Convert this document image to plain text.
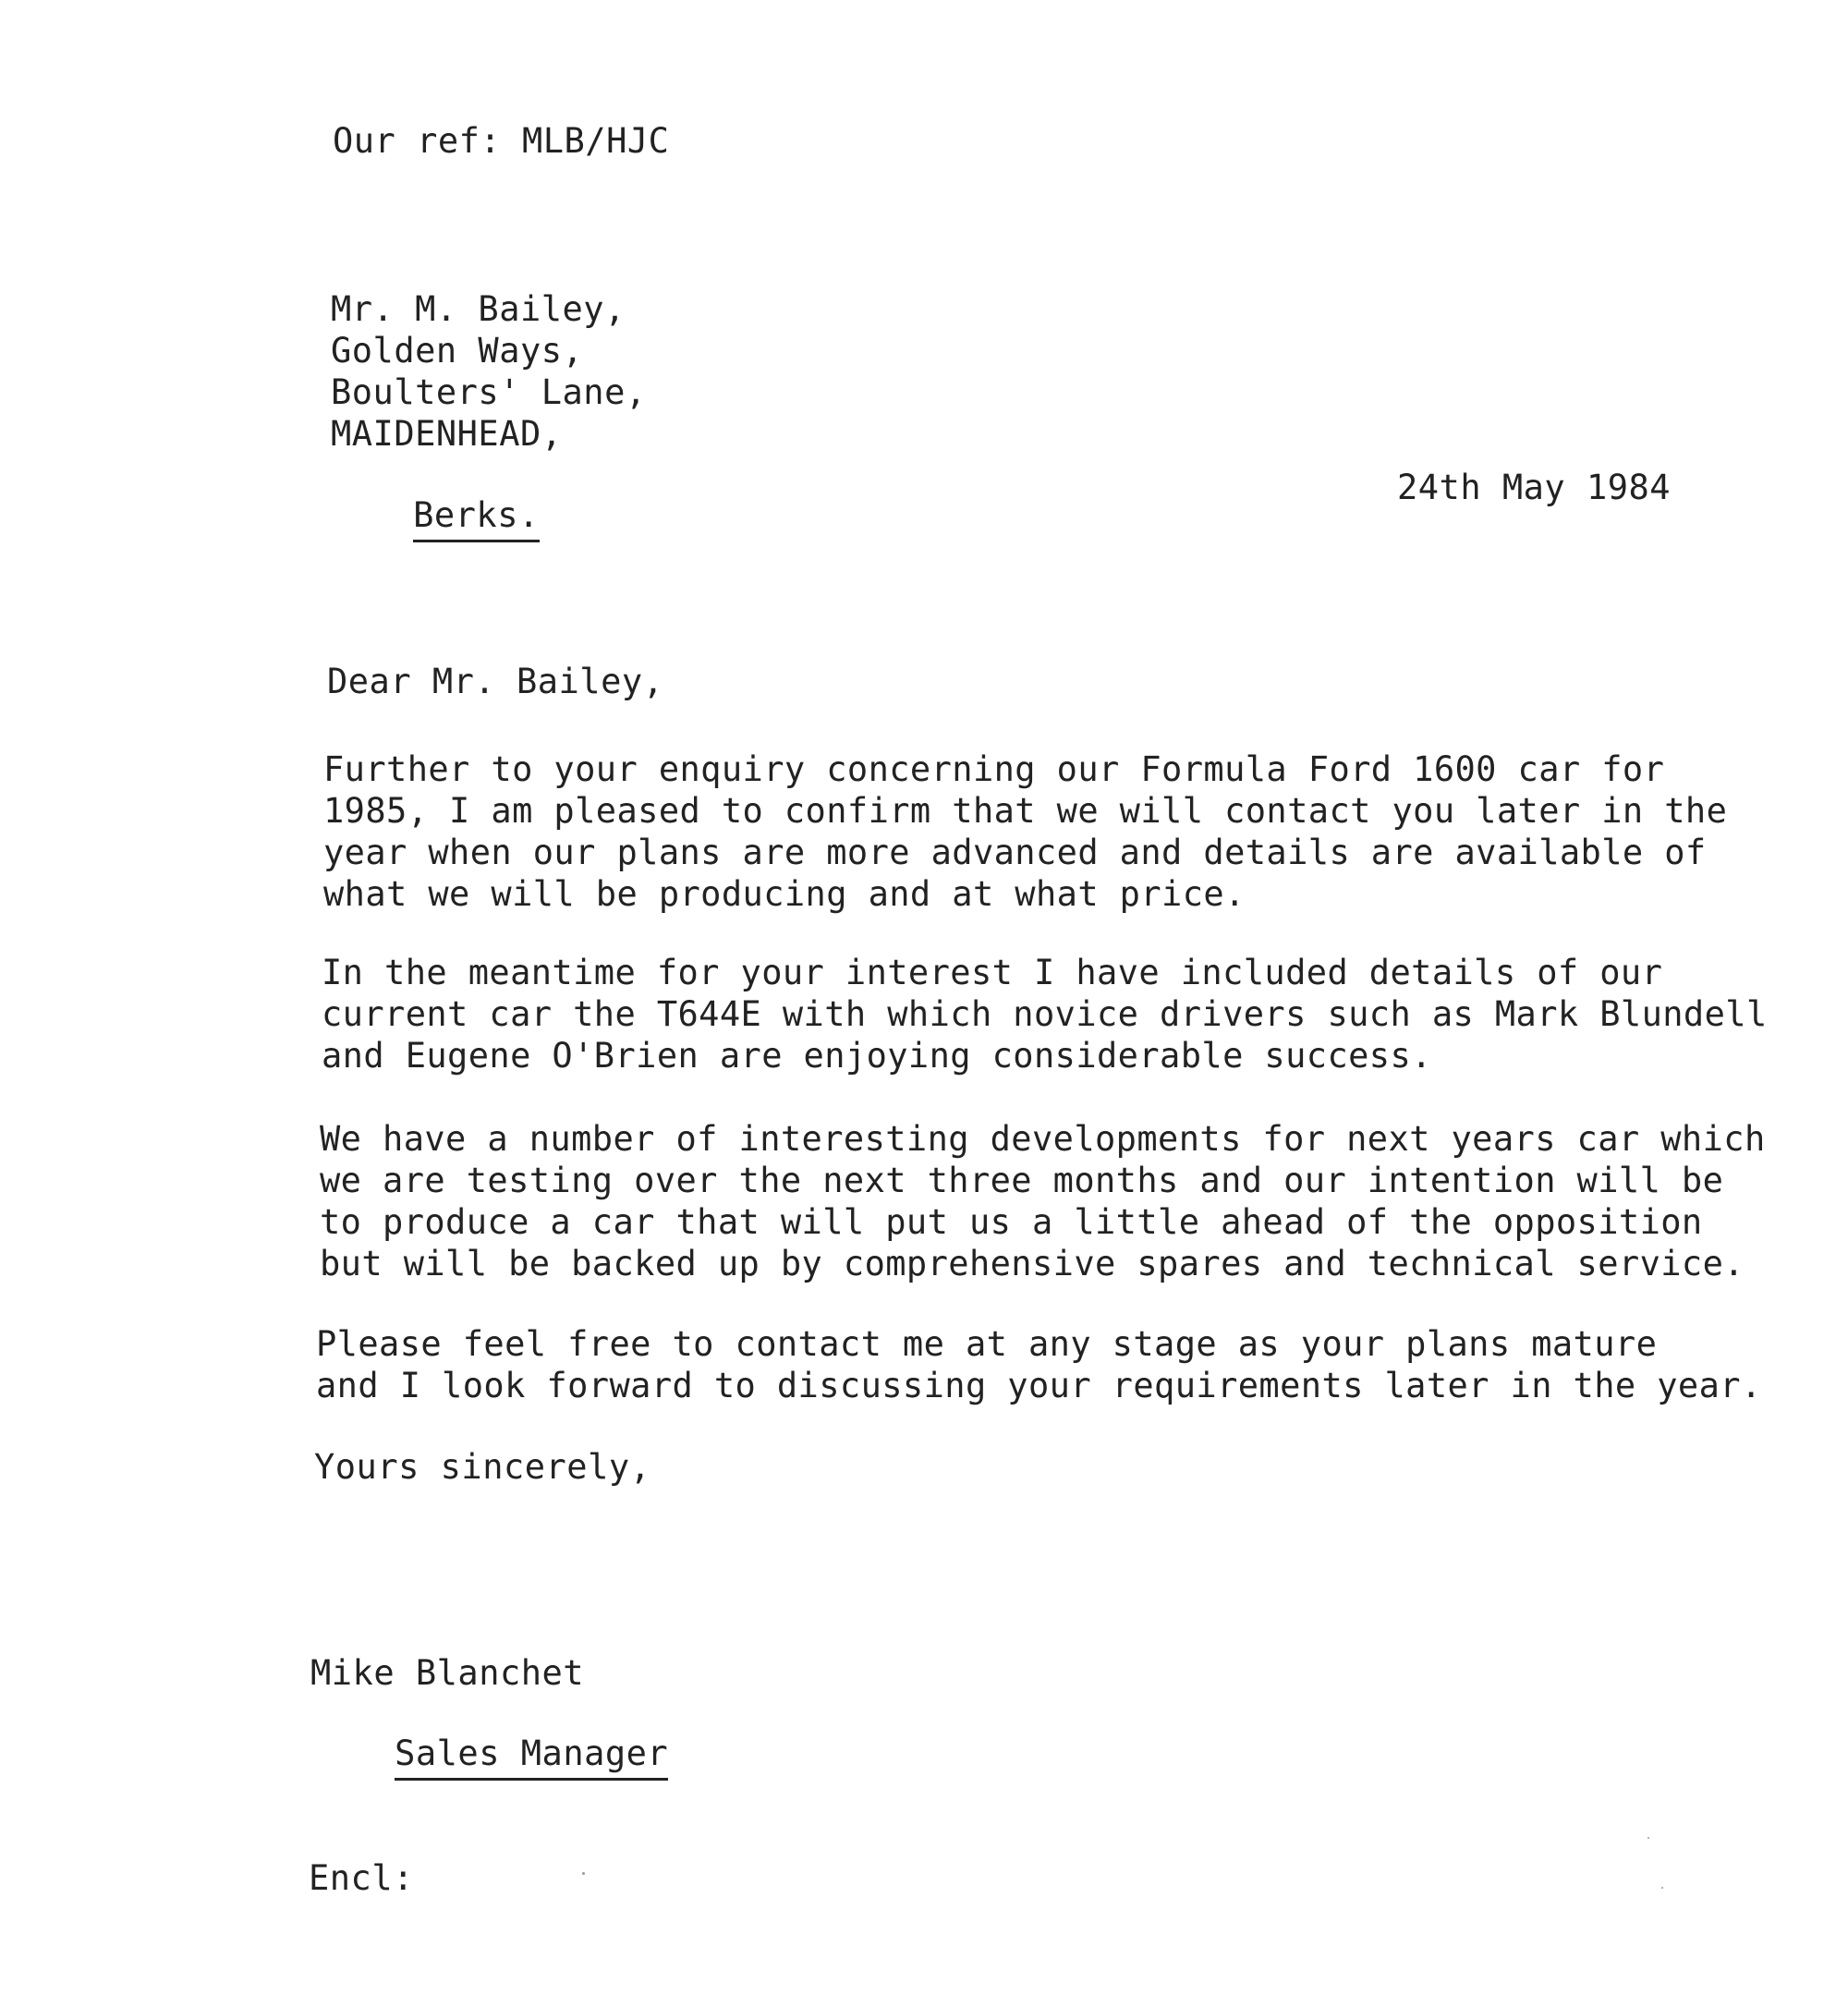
Our ref: MLB/HJC
Mr. M. Bailey,
Golden Ways,
Boulters' Lane,
MAIDENHEAD,

Berks.

24th May 1984
Dear Mr. Bailey,
Further to your enquiry concerning our Formula Ford 1600 car for
1985, I am pleased to confirm that we will contact you later in the
year when our plans are more advanced and details are available of
what we will be producing and at what price.
In the meantime for your interest I have included details of our
current car the T644E with which novice drivers such as Mark Blundell
and Eugene O'Brien are enjoying considerable success.
We have a number of interesting developments for next years car which
we are testing over the next three months and our intention will be
to produce a car that will put us a little ahead of the opposition
but will be backed up by comprehensive spares and technical service.
Please feel free to contact me at any stage as your plans mature
and I look forward to discussing your requirements later in the year.
Yours sincerely,
Mike Blanchet

Sales Manager

Encl:
